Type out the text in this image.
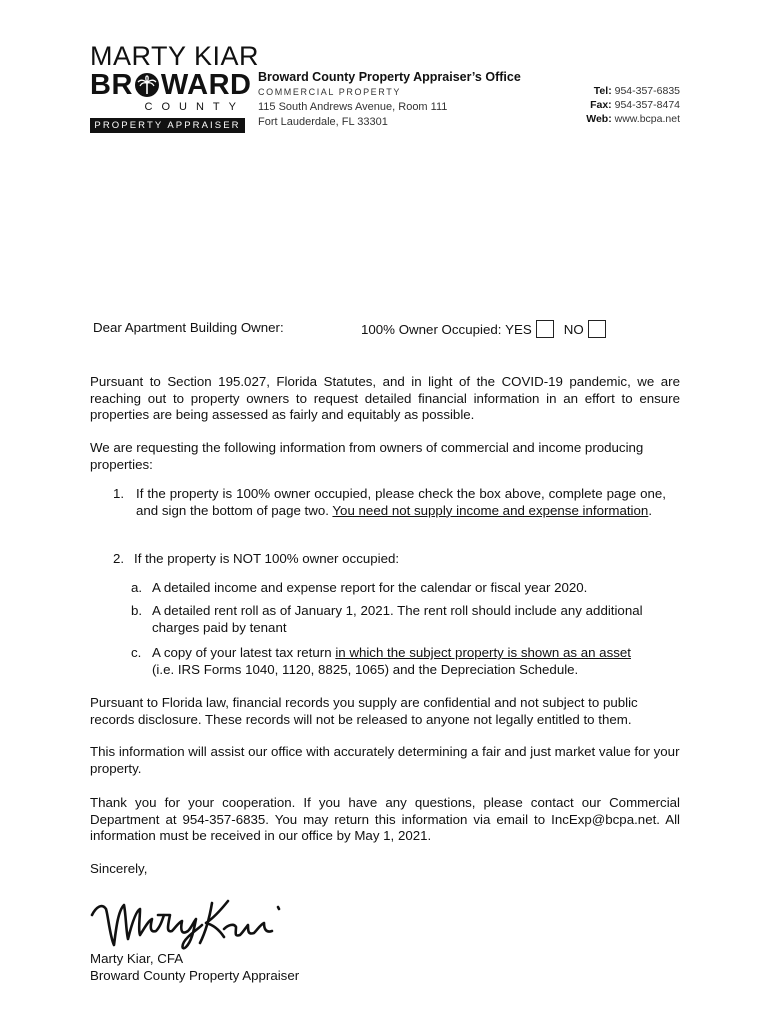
MARTY KIAR
BR WARD
COUNTY
PROPERTY APPRAISER
Broward County Property Appraiser’s Office
COMMERCIAL PROPERTY
115 South Andrews Avenue, Room 111
Fort Lauderdale, FL 33301
Tel: 954-357-6835
Fax: 954-357-8474
Web: www.bcpa.net
Dear Apartment Building Owner:	100% Owner Occupied:
YES NO
Pursuant to Section 195.027, Florida Statutes, and in light of the COVID-19 pandemic, we are reaching out to property owners to request detailed financial information in an effort to ensure properties are being assessed as fairly and equitably as possible.
We are requesting the following information from owners of commercial and income producing properties:
1. If the property is 100% owner occupied, please check the box above, complete page one, and sign the bottom of page two. You need not supply income and expense information.
2. If the property is NOT 100% owner occupied:
a. A detailed income and expense report for the calendar or fiscal year 2020.
b. A detailed rent roll as of January 1, 2021. The rent roll should include any additional charges paid by tenant
c. A copy of your latest tax return in which the subject property is shown as an asset
(i.e. IRS Forms 1040, 1120, 8825, 1065) and the Depreciation Schedule.
Pursuant to Florida law, financial records you supply are confidential and not subject to public records disclosure. These records will not be released to anyone not legally entitled to them.
This information will assist our office with accurately determining a fair and just market value for your property.
Thank you for your cooperation. If you have any questions, please contact our Commercial Department at 954-357-6835. You may return this information via email to IncExp@bcpa.net. All information must be received in our office by May 1, 2021.
Sincerely,
Marty Kiar, CFA
Broward County Property Appraiser
